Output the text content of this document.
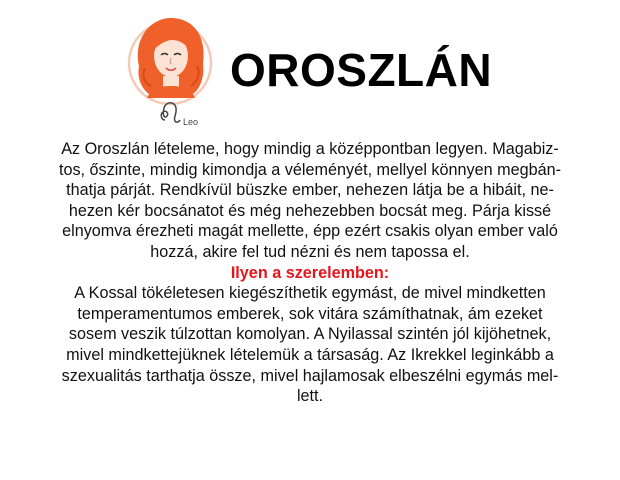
Leo
OROSZLÁN

Az Oroszlán lételeme, hogy mindig a középpontban legyen. Magabiz-
tos, őszinte, mindig kimondja a véleményét, mellyel könnyen megbán-
thatja párját. Rendkívül büszke ember, nehezen látja be a hibáit, ne-
hezen kér bocsánatot és még nehezebben bocsát meg. Párja kissé
elnyomva érezheti magát mellette, épp ezért csakis olyan ember való
hozzá, akire fel tud nézni és nem tapossa el.

Ilyen a szerelemben:

A Kossal tökéletesen kiegészíthetik egymást, de mivel mindketten
temperamentumos emberek, sok vitára számíthatnak, ám ezeket
sosem veszik túlzottan komolyan. A Nyilassal szintén jól kijöhetnek,
mivel mindkettejüknek lételemük a társaság. Az Ikrekkel leginkább a
szexualitás tarthatja össze, mivel hajlamosak elbeszélni egymás mel-
lett.
